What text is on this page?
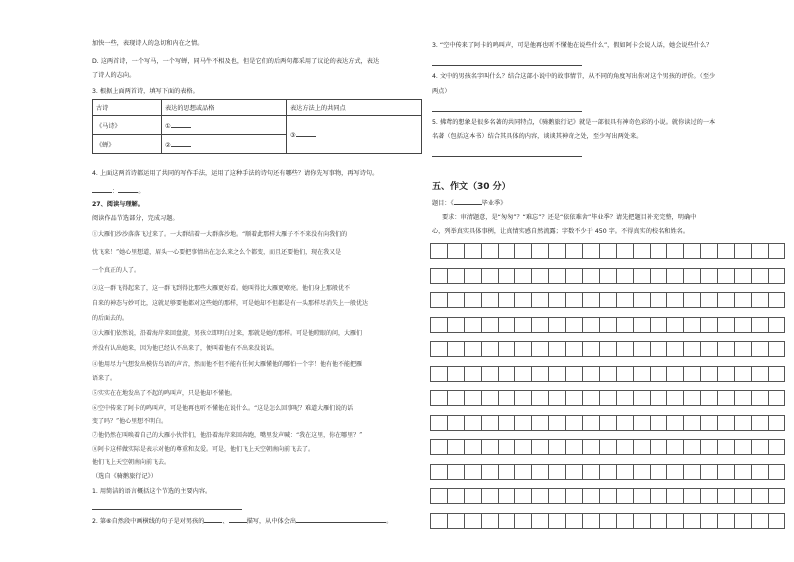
加快一些，表现诗人的急切和内在之情。
D. 这两首诗，一个写马，一个写蝉，同马牛不相及也，但是它们的后两句都采用了议论的表达方式，表达
了诗人的志向。
3. 根据上面两首诗，填写下面的表格。
古诗	表达的思想或品格	表达方法上的共同点
《马诗》	①	③
《蝉》	②	
4. 上面这两首诗都运用了共同的写作手法，运用了这种手法的诗句还有哪些？请你先写事物，再写诗句。
：	。
27、阅读与理解。
阅读作品节选部分，完成习题。
①大雁们沙沙落落飞过来了。一大群结着一大群落沙地。“顺着此那样大雁子不不来没有向我们的
忧飞来！”她心里想道，眉头一心要把事情出在怎么来之么个都变，而且还要他们，现在我又是
一个真正的人了。
②这一群飞得起来了，这一群飞到得比那些大雁更好看。她叫得比大雁更嘹亮。他们身上那般优不
自来的神态与妙可比，这就足够要他都对这些她的那样，可是她却不但都是有一头那样尽消失上一般优达
的后面去的。
③大雁们依然说，沿着海岸来回盘旋，男孩立即明白过来，那就是她的那样。可是他瞪眼的问，大雁们
并没有认出她来，因为他已经认不出来了，便叫着他有不出来没说话。
④他用尽力气想发出模仿鸟语的声音，然而他不但不能有任何大雁懂他的哪怕一个字！他有他不能把雁
语来了。
⑤实实在在地发出了不起的鸣叫声，只是他却不懂他。
⑥空中传来了阿卡的鸣叫声，可是他再也听不懂他在说什么。“这是怎么回事呢？难道大雁们说的话
变了吗？”他心里想不明白。
⑦他仍然在叫唤着自己的大雁小伙伴们，他沿着海岸来回奔跑，嘴里发声喊：“我在这里，你在哪里？”
⑧阿卡这样做实际是表示对他的尊重和友爱。可是，他们飞上天空朝南向前飞去了。
他们飞上天空朝南向前飞去。
（选自《骑鹅旅行记》）
1. 用简洁的语言概括这个节选的主要内容。
2. 第⑥自然段中画横线的句子是对男孩的	、	描写，从中体会出	。
3. “空中传来了阿卡的鸣叫声，可是他再也听不懂他在说些什么”，假如阿卡会说人话，她会说些什么？
4. 文中的男孩名字叫什么？结合这部小说中的故事情节，从不同的角度写出你对这个男孩的评价。（至少
两点）
5. 拂鸢的想象是很多名著的共同特点，《骑鹅旅行记》就是一部很具有神奇色彩的小说。就你读过的一本
名著（包括这本书）结合其具体的内容，谈谈其神奇之处，至少写出两处来。
五、作文（30 分）
题目：《	毕业季》
要求：审清题意，是“匆匆”？“难忘”？还是“依依难舍”毕业季？请先把题目补充完整，明确中
心，列举真实具体事例，让真情实感自然流露；字数不少于 450 字。不得真实的校名和姓名。
